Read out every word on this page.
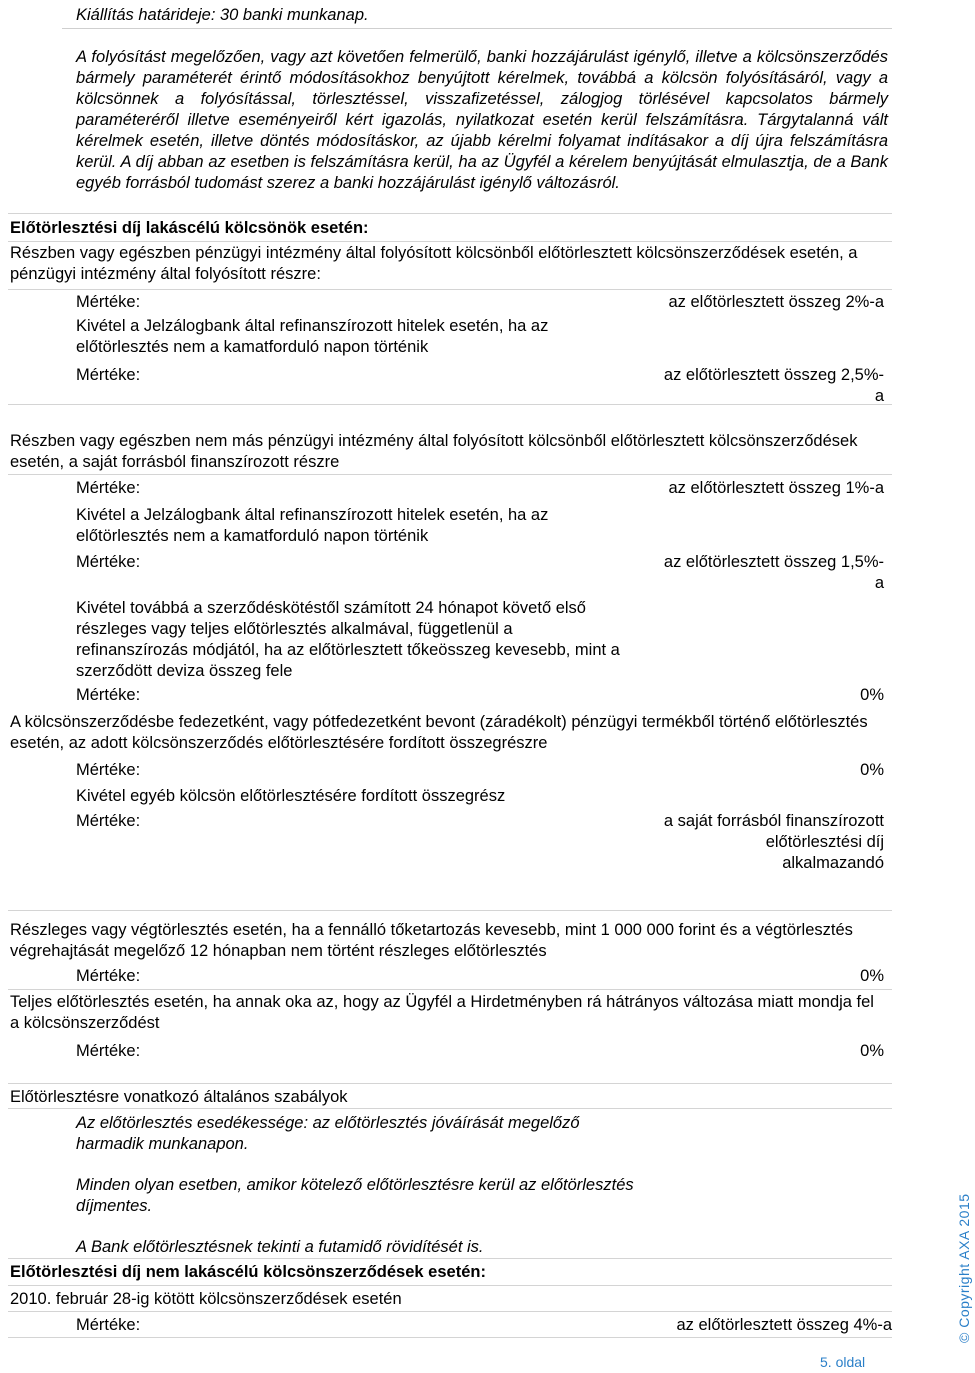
Kiállítás határideje: 30 banki munkanap.
A folyósítást megelőzően, vagy azt követően felmerülő, banki hozzájárulást igénylő, illetve a kölcsönszerződés bármely paraméterét érintő módosításokhoz benyújtott kérelmek, továbbá a kölcsön folyósításáról, vagy a kölcsönnek a folyósítással, törlesztéssel, visszafizetéssel, zálogjog törlésével kapcsolatos bármely paraméteréről illetve eseményeiről kért igazolás, nyilatkozat esetén kerül felszámításra. Tárgytalanná vált kérelmek esetén, illetve döntés módosításkor, az újabb kérelmi folyamat indításakor a díj újra felszámításra kerül. A díj abban az esetben is felszámításra kerül, ha az Ügyfél a kérelem benyújtását elmulasztja, de a Bank egyéb forrásból tudomást szerez a banki hozzájárulást igénylő változásról.
Előtörlesztési díj lakáscélú kölcsönök esetén:
Részben vagy egészben pénzügyi intézmény által folyósított kölcsönből előtörlesztett kölcsönszerződések esetén, a pénzügyi intézmény által folyósított részre:
Mértéke:	az előtörlesztett összeg 2%-a
Kivétel a Jelzálogbank által refinanszírozott hitelek esetén, ha az előtörlesztés nem a kamatforduló napon történik
Mértéke:	az előtörlesztett összeg 2,5%-
a
Részben vagy egészben nem más pénzügyi intézmény által folyósított kölcsönből előtörlesztett kölcsönszerződések esetén, a saját forrásból finanszírozott részre
Mértéke:	az előtörlesztett összeg 1%-a
Kivétel a Jelzálogbank által refinanszírozott hitelek esetén, ha az előtörlesztés nem a kamatforduló napon történik
Mértéke:	az előtörlesztett összeg 1,5%-
a
Kivétel továbbá a szerződéskötéstől számított 24 hónapot követő első részleges vagy teljes előtörlesztés alkalmával, függetlenül a refinanszírozás módjától, ha az előtörlesztett tőkeösszeg kevesebb, mint a szerződött deviza összeg fele
Mértéke:	0%
A kölcsönszerződésbe fedezetként, vagy pótfedezetként bevont (záradékolt) pénzügyi termékből történő előtörlesztés esetén, az adott kölcsönszerződés előtörlesztésére fordított összegrészre
Mértéke:	0%
Kivétel egyéb kölcsön előtörlesztésére fordított összegrész
Mértéke:	a saját forrásból finanszírozott
előtörlesztési díj
alkalmazandó
Részleges vagy végtörlesztés esetén, ha a fennálló tőketartozás kevesebb, mint 1 000 000 forint és a végtörlesztés végrehajtását megelőző 12 hónapban nem történt részleges előtörlesztés
Mértéke:	0%
Teljes előtörlesztés esetén, ha annak oka az, hogy az Ügyfél a Hirdetményben rá hátrányos változása miatt mondja fel a kölcsönszerződést
Mértéke:	0%
Előtörlesztésre vonatkozó általános szabályok
Az előtörlesztés esedékessége: az előtörlesztés jóváírását megelőző harmadik munkanapon.
Minden olyan esetben, amikor kötelező előtörlesztésre kerül az előtörlesztés díjmentes.
A Bank előtörlesztésnek tekinti a futamidő rövidítését is.
Előtörlesztési díj nem lakáscélú kölcsönszerződések esetén:
2010. február 28-ig kötött kölcsönszerződések esetén
Mértéke:	az előtörlesztett összeg 4%-a
© Copyright AXA 2015
5. oldal
